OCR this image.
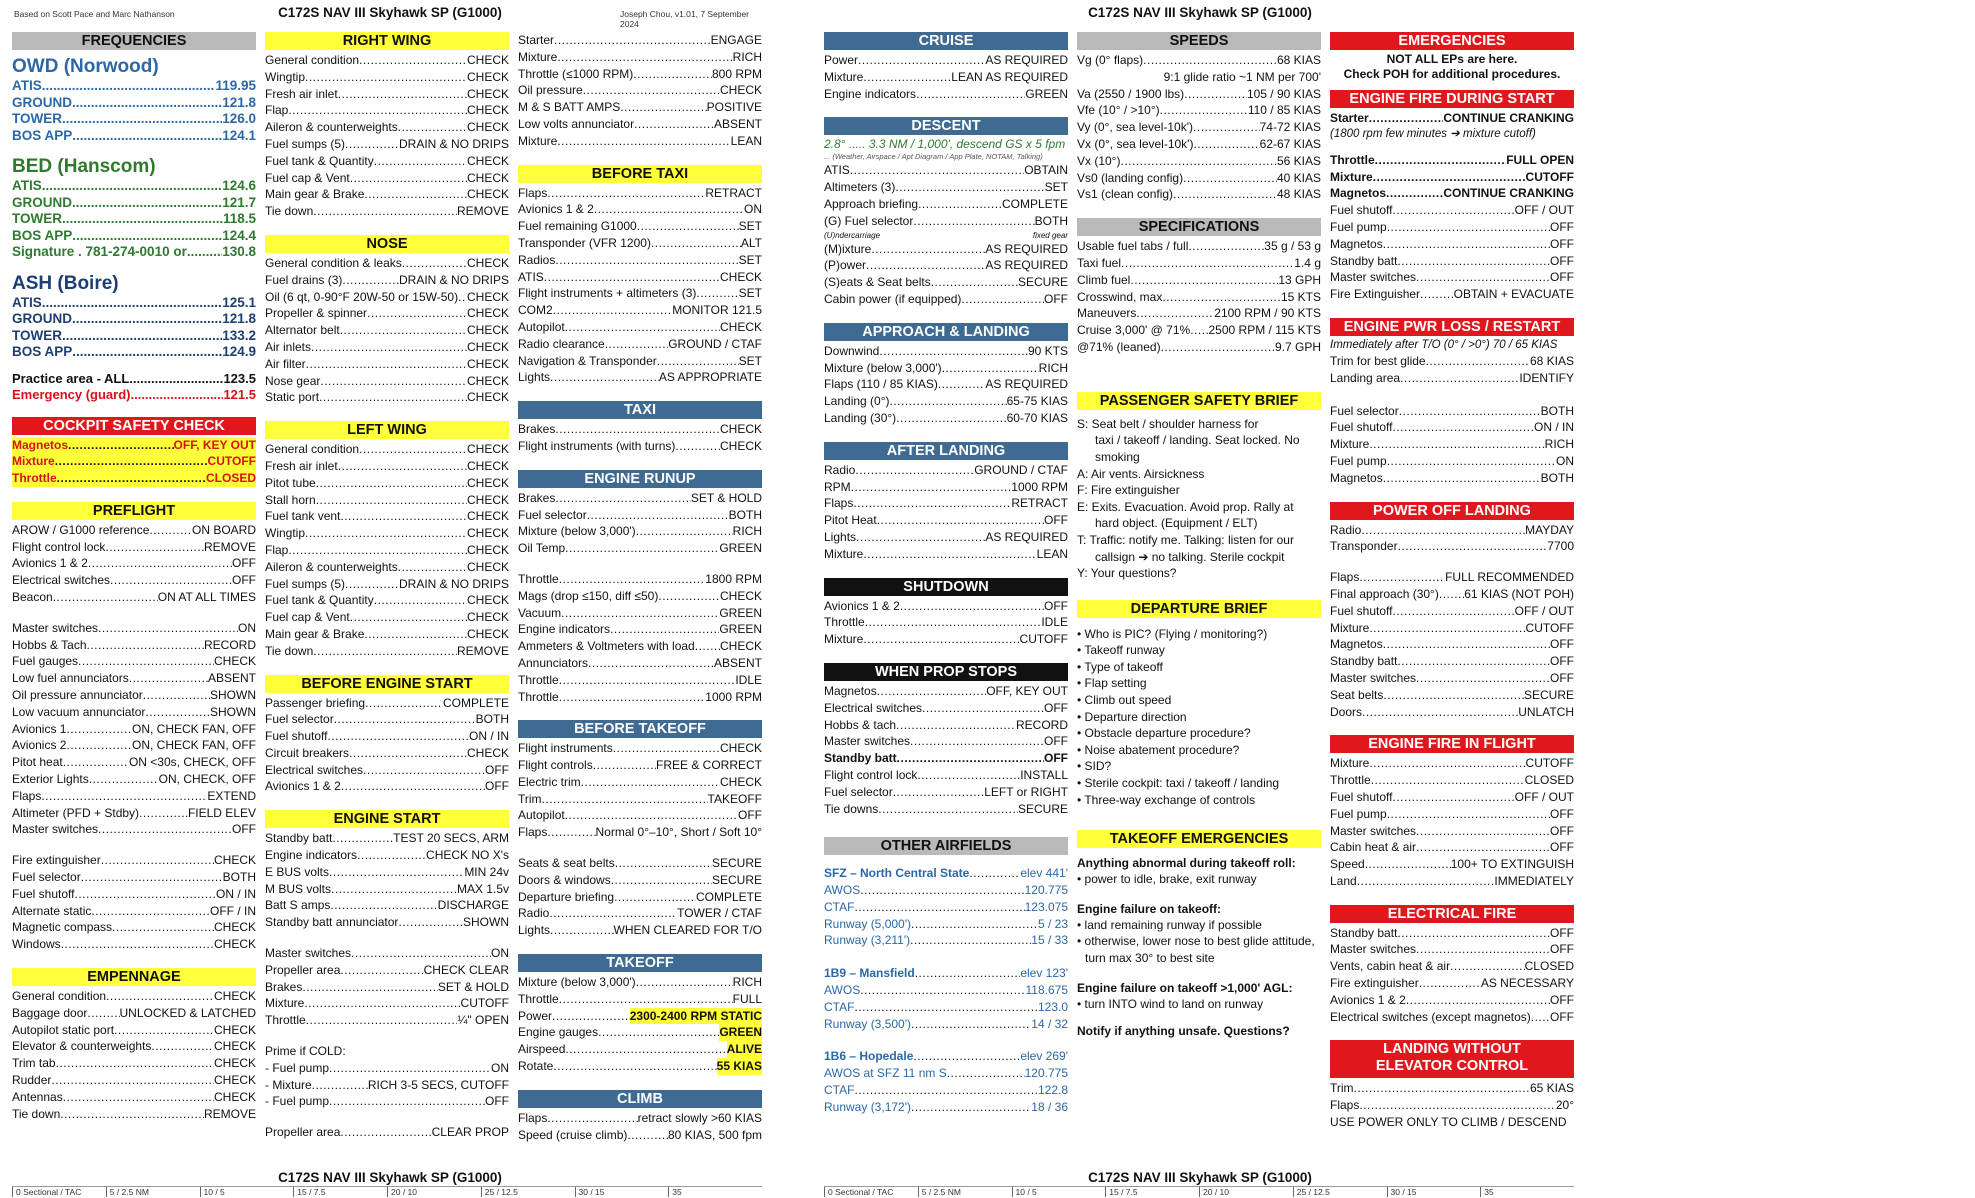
Based on Scott Pace and Marc Nathanson	C172S NAV III Skyhawk SP (G1000)	Joseph Chou, v1.01, 7 September 2024
FREQUENCIES
OWD (Norwood)
ATIS .....	119.95
GROUND .....	121.8
TOWER .....	126.0
BOS APP .....	124.1
BED (Hanscom)
ATIS .....	124.6
GROUND .....	121.7
TOWER .....	118.5
BOS APP .....	124.4
Signature . 781-274-0010 or .....	130.8
ASH (Boire)
ATIS .....	125.1
GROUND .....	121.8
TOWER .....	133.2
BOS APP .....	124.9
Practice area - ALL .....	123.5
Emergency (guard) .....	121.5
COCKPIT SAFETY CHECK
Magnetos .....	OFF, KEY OUT
Mixture .....	CUTOFF
Throttle .....	CLOSED
PREFLIGHT
AROW / G1000 reference .....	ON BOARD
Flight control lock .....	REMOVE
Avionics 1 & 2 .....	OFF
Electrical switches .....	OFF
Beacon .....	ON AT ALL TIMES
Master switches .....	ON
Hobbs & Tach .....	RECORD
Fuel gauges .....	CHECK
Low fuel annunciators .....	ABSENT
Oil pressure annunciator .....	SHOWN
Low vacuum annunciator .....	SHOWN
Avionics 1 .....	ON, CHECK FAN, OFF
Avionics 2 .....	ON, CHECK FAN, OFF
Pitot heat .....	ON <30s, CHECK, OFF
Exterior Lights .....	ON, CHECK, OFF
Flaps .....	EXTEND
Altimeter (PFD + Stdby) .....	FIELD ELEV
Master switches .....	OFF
Fire extinguisher .....	CHECK
Fuel selector .....	BOTH
Fuel shutoff .....	ON / IN
Alternate static .....	OFF / IN
Magnetic compass .....	CHECK
Windows .....	CHECK
EMPENNAGE
General condition .....	CHECK
Baggage door .....	UNLOCKED & LATCHED
Autopilot static port .....	CHECK
Elevator & counterweights .....	CHECK
Trim tab .....	CHECK
Rudder .....	CHECK
Antennas .....	CHECK
Tie down .....	REMOVE
RIGHT WING
General condition .....	CHECK
Wingtip .....	CHECK
Fresh air inlet .....	CHECK
Flap .....	CHECK
Aileron & counterweights .....	CHECK
Fuel sumps (5) .....	DRAIN & NO DRIPS
Fuel tank & Quantity .....	CHECK
Fuel cap & Vent .....	CHECK
Main gear & Brake .....	CHECK
Tie down .....	REMOVE
NOSE
General condition & leaks .....	CHECK
Fuel drains (3) .....	DRAIN & NO DRIPS
Oil (6 qt, 0-90°F 20W-50 or 15W-50) ..... CHECK
Propeller & spinner .....	CHECK
Alternator belt .....	CHECK
Air inlets .....	CHECK
Air filter .....	CHECK
Nose gear .....	CHECK
Static port .....	CHECK
LEFT WING
General condition .....	CHECK
Fresh air inlet .....	CHECK
Pitot tube .....	CHECK
Stall horn .....	CHECK
Fuel tank vent .....	CHECK
Wingtip .....	CHECK
Flap .....	CHECK
Aileron & counterweights .....	CHECK
Fuel sumps (5) .....	DRAIN & NO DRIPS
Fuel tank & Quantity .....	CHECK
Fuel cap & Vent .....	CHECK
Main gear & Brake .....	CHECK
Tie down .....	REMOVE
BEFORE ENGINE START
Passenger briefing .....	COMPLETE
Fuel selector .....	BOTH
Fuel shutoff .....	ON / IN
Circuit breakers .....	CHECK
Electrical switches .....	OFF
Avionics 1 & 2 .....	OFF
ENGINE START
Standby batt .....	TEST 20 SECS, ARM
Engine indicators .....	CHECK NO X's
E BUS volts .....	MIN 24v
M BUS volts .....	MAX 1.5v
Batt S amps .....	DISCHARGE
Standby batt annunciator .....	SHOWN
Master switches .....	ON
Propeller area .....	CHECK CLEAR
Brakes .....	SET & HOLD
Mixture .....	CUTOFF
Throttle .....	¼" OPEN
Prime if COLD:
- Fuel pump .....	ON
- Mixture .....	RICH 3-5 SECS, CUTOFF
- Fuel pump .....	OFF
Propeller area .....	CLEAR PROP
Starter .....	ENGAGE
Mixture .....	RICH
Throttle (≤1000 RPM) .....	800 RPM
Oil pressure .....	CHECK
M & S BATT AMPS .....	POSITIVE
Low volts annunciator .....	ABSENT
Mixture .....	LEAN
BEFORE TAXI
Flaps .....	RETRACT
Avionics 1 & 2 .....	ON
Fuel remaining G1000 .....	SET
Transponder (VFR 1200) .....	ALT
Radios .....	SET
ATIS .....	CHECK
Flight instruments + altimeters (3) .....	SET
COM2 .....	MONITOR 121.5
Autopilot .....	CHECK
Radio clearance .....	GROUND / CTAF
Navigation & Transponder .....	SET
Lights .....	AS APPROPRIATE
TAXI
Brakes .....	CHECK
Flight instruments (with turns) .....	CHECK
ENGINE RUNUP
Brakes .....	SET & HOLD
Fuel selector .....	BOTH
Mixture (below 3,000') .....	RICH
Oil Temp .....	GREEN
Throttle .....	1800 RPM
Mags (drop ≤150, diff ≤50) .....	CHECK
Vacuum .....	GREEN
Engine indicators .....	GREEN
Ammeters & Voltmeters with load ..... CHECK
Annunciators .....	ABSENT
Throttle .....	IDLE
Throttle .....	1000 RPM
BEFORE TAKEOFF
Flight instruments .....	CHECK
Flight controls .....	FREE & CORRECT
Electric trim .....	CHECK
Trim .....	TAKEOFF
Autopilot .....	OFF
Flaps .....	Normal 0°–10°, Short / Soft 10°
Seats & seat belts .....	SECURE
Doors & windows .....	SECURE
Departure briefing .....	COMPLETE
Radio .....	TOWER / CTAF
Lights .....	WHEN CLEARED FOR T/O
TAKEOFF
Mixture (below 3,000') .....	RICH
Throttle .....	FULL
Power .....	2300-2400 RPM STATIC
Engine gauges .....	GREEN
Airspeed .....	ALIVE
Rotate .....	55 KIAS
CLIMB
Flaps .....	retract slowly >60 KIAS
Speed (cruise climb) .....	80 KIAS, 500 fpm
C172S NAV III Skyhawk SP (G1000)
0 Sectional / TAC	5 / 2.5 NM	10 / 5	15 / 7.5	20 / 10	25 / 12.5	30 / 15	35
C172S NAV III Skyhawk SP (G1000)
CRUISE
Power .....	AS REQUIRED
Mixture .....	LEAN AS REQUIRED
Engine indicators .....	GREEN
DESCENT
2.8° ..... 3.3 NM / 1,000', descend GS x 5 fpm
... (Weather, Airspace / Apt Diagram / App Plate, NOTAM, Talking)
ATIS .....	OBTAIN
Altimeters (3) .....	SET
Approach briefing .....	COMPLETE
(G) Fuel selector .....	BOTH
(U)ndercarriage	fixed gear
(M)ixture .....	AS REQUIRED
(P)ower .....	AS REQUIRED
(S)eats & Seat belts .....	SECURE
Cabin power (if equipped) .....	OFF
APPROACH & LANDING
Downwind .....	90 KTS
Mixture (below 3,000') .....	RICH
Flaps (110 / 85 KIAS) .....	AS REQUIRED
Landing (0°) .....	65-75 KIAS
Landing (30°) .....	60-70 KIAS
AFTER LANDING
Radio .....	GROUND / CTAF
RPM .....	1000 RPM
Flaps .....	RETRACT
Pitot Heat .....	OFF
Lights .....	AS REQUIRED
Mixture .....	LEAN
SHUTDOWN
Avionics 1 & 2 .....	OFF
Throttle .....	IDLE
Mixture .....	CUTOFF
WHEN PROP STOPS
Magnetos .....	OFF, KEY OUT
Electrical switches .....	OFF
Hobbs & tach .....	RECORD
Master switches .....	OFF
Standby batt .....	OFF
Flight control lock .....	INSTALL
Fuel selector .....	LEFT or RIGHT
Tie downs .....	SECURE
OTHER AIRFIELDS
SFZ – North Central State .....	elev 441'
AWOS .....	120.775
CTAF .....	123.075
Runway (5,000') .....	5 / 23
Runway (3,211') .....	15 / 33
1B9 – Mansfield .....	elev 123'
AWOS .....	118.675
CTAF .....	123.0
Runway (3,500') .....	14 / 32
1B6 – Hopedale .....	elev 269'
AWOS at SFZ 11 nm S .....	120.775
CTAF .....	122.8
Runway (3,172') .....	18 / 36
SPEEDS
Vg (0° flaps) .....	68 KIAS
9:1 glide ratio ~1 NM per 700'
Va (2550 / 1900 lbs) .....	105 / 90 KIAS
Vfe (10° / >10°) .....	110 / 85 KIAS
Vy (0°, sea level-10k') .....	74-72 KIAS
Vx (0°, sea level-10k') .....	62-67 KIAS
Vx (10°) .....	56 KIAS
Vs0 (landing config) .....	40 KIAS
Vs1 (clean config) .....	48 KIAS
SPECIFICATIONS
Usable fuel tabs / full .....	35 g / 53 g
Taxi fuel .....	1.4 g
Climb fuel .....	13 GPH
Crosswind, max .....	15 KTS
Maneuvers .....	2100 RPM / 90 KTS
Cruise 3,000' @ 71% ..... 2500 RPM / 115 KTS
@71% (leaned) .....	9.7 GPH
PASSENGER SAFETY BRIEF
S: Seat belt / shoulder harness for
taxi / takeoff / landing. Seat locked. No
smoking
A: Air vents. Airsickness
F: Fire extinguisher
E: Exits. Evacuation. Avoid prop. Rally at
hard object. (Equipment / ELT)
T: Traffic: notify me. Talking: listen for our
callsign ➔ no talking. Sterile cockpit
Y: Your questions?
DEPARTURE BRIEF
• Who is PIC? (Flying / monitoring?)
• Takeoff runway
• Type of takeoff
• Flap setting
• Climb out speed
• Departure direction
• Obstacle departure procedure?
• Noise abatement procedure?
• SID?
• Sterile cockpit: taxi / takeoff / landing
• Three-way exchange of controls
TAKEOFF EMERGENCIES
Anything abnormal during takeoff roll:
• power to idle, brake, exit runway
Engine failure on takeoff:
• land remaining runway if possible
• otherwise, lower nose to best glide attitude,
turn max 30° to best site
Engine failure on takeoff >1,000' AGL:
• turn INTO wind to land on runway
Notify if anything unsafe. Questions?
EMERGENCIES
NOT ALL EPs are here.
Check POH for additional procedures.
ENGINE FIRE DURING START
Starter .....	CONTINUE CRANKING
(1800 rpm few minutes ➔ mixture cutoff)
Throttle .....	FULL OPEN
Mixture .....	CUTOFF
Magnetos .....	CONTINUE CRANKING
Fuel shutoff .....	OFF / OUT
Fuel pump .....	OFF
Magnetos .....	OFF
Standby batt .....	OFF
Master switches .....	OFF
Fire Extinguisher .....	OBTAIN + EVACUATE
ENGINE PWR LOSS / RESTART
Immediately after T/O (0° / >0°) 70 / 65 KIAS
Trim for best glide .....	68 KIAS
Landing area .....	IDENTIFY
Fuel selector .....	BOTH
Fuel shutoff .....	ON / IN
Mixture .....	RICH
Fuel pump .....	ON
Magnetos .....	BOTH
POWER OFF LANDING
Radio .....	MAYDAY
Transponder .....	7700
Flaps .....	FULL RECOMMENDED
Final approach (30°) ..... 61 KIAS (NOT POH)
Fuel shutoff .....	OFF / OUT
Mixture .....	CUTOFF
Magnetos .....	OFF
Standby batt .....	OFF
Master switches .....	OFF
Seat belts .....	SECURE
Doors .....	UNLATCH
ENGINE FIRE IN FLIGHT
Mixture .....	CUTOFF
Throttle .....	CLOSED
Fuel shutoff .....	OFF / OUT
Fuel pump .....	OFF
Master switches .....	OFF
Cabin heat & air .....	OFF
Speed .....	100+ TO EXTINGUISH
Land .....	IMMEDIATELY
ELECTRICAL FIRE
Standby batt .....	OFF
Master switches .....	OFF
Vents, cabin heat & air .....	CLOSED
Fire extinguisher .....	AS NECESSARY
Avionics 1 & 2 .....	OFF
Electrical switches (except magnetos) ..... OFF
LANDING WITHOUT ELEVATOR CONTROL
Trim .....	65 KIAS
Flaps .....	20°
USE POWER ONLY TO CLIMB / DESCEND
C172S NAV III Skyhawk SP (G1000)
0 Sectional / TAC	5 / 2.5 NM	10 / 5	15 / 7.5	20 / 10	25 / 12.5	30 / 15	35
